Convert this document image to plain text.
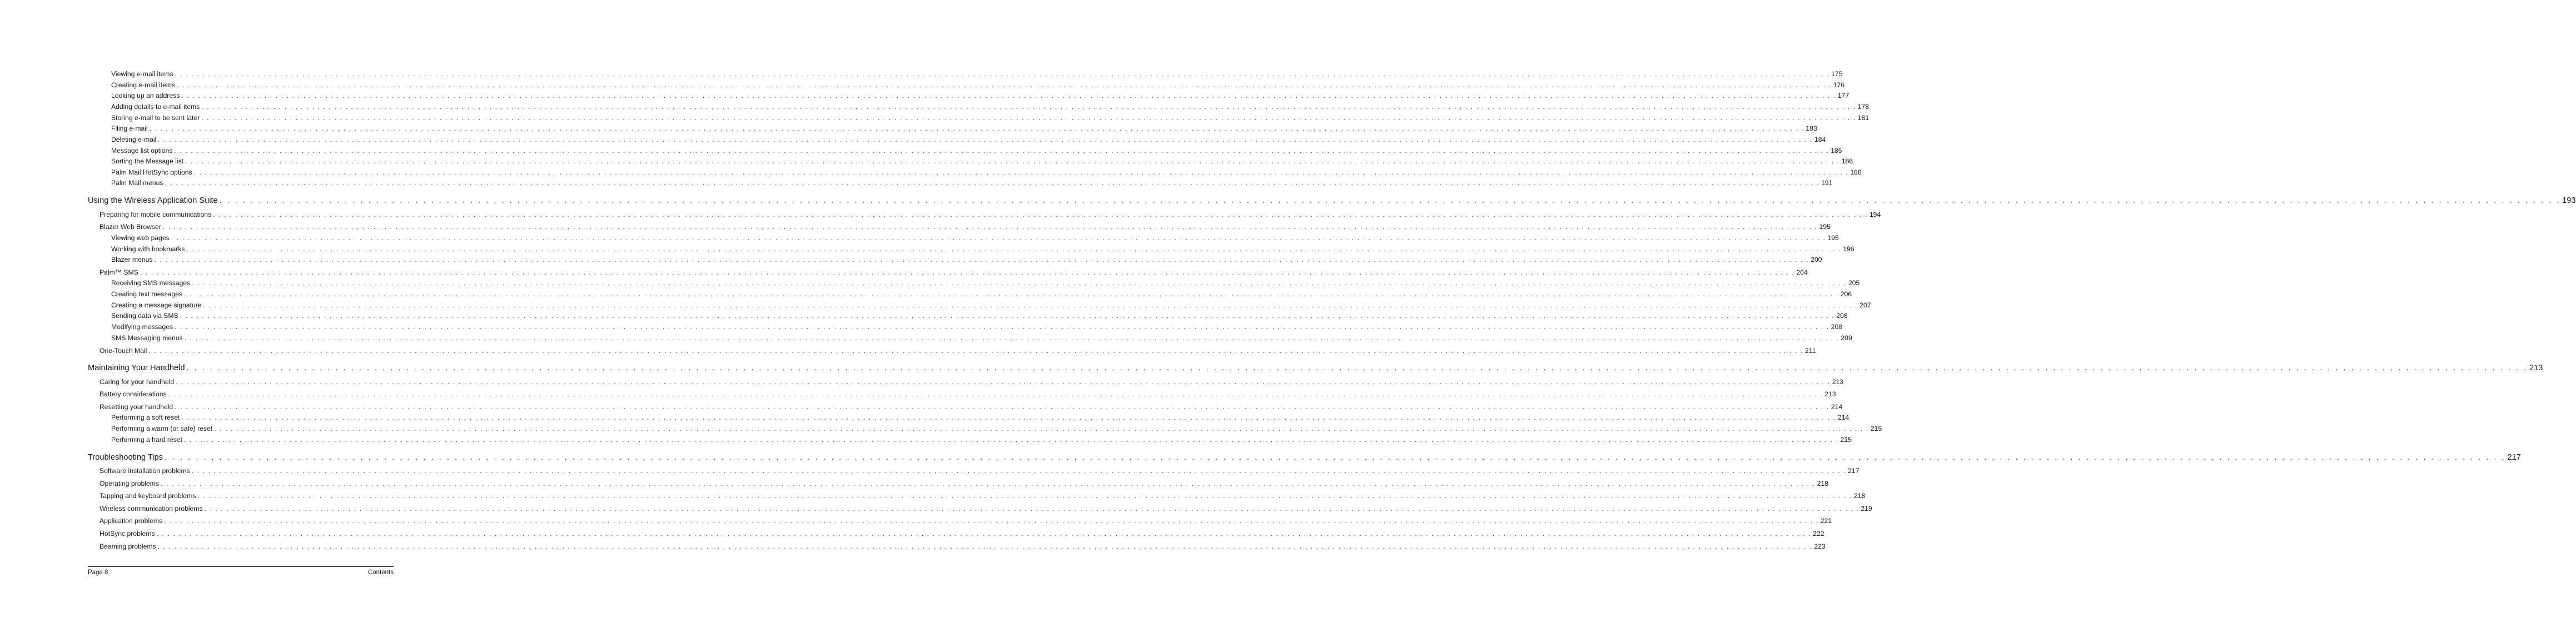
Viewing e-mail items . . . . . . . . . . . . . . . . . . . . . . . . . . . . . . . . . . . . . . . . . . . . . . . . . . . . . . . . . . . . . . . . . . . . . . . . . . . . . . . . . . . . . . . . . . . . . . . . . . . . . . . . . . . . . . . . . . . . . . . . . . . . . . . . . . . . . . . . . . . . . . . . . . . . . . . . . . . . . . . . . . . . . . . . . . . . . . . . . . . . . . . . . . . . . . . . . . . . . . . . . . . . . . . . . . . . . . . . . . . . . . . . . . . . . . . . . . . . . . . . . . . . . . . . . . . . . . . . . . . . . . . . . . . . . . . . . . . . . . . . . . . . . . . . . . . . . . . . . . . 175
Creating e-mail items . . . . . . . . . . . . . . . . . . . . . . . . . . . . . . . . . . . . . . . . . . . . . . . . . . . . . . . . . . . . . . . . . . . . . . . . . . . . . . . . . . . . . . . . . . . . . . . . . . . . . . . . . . . . . . . . . . . . . . . . . . . . . . . . . . . . . . . . . . . . . . . . . . . . . . . . . . . . . . . . . . . . . . . . . . . . . . . . . . . . . . . . . . . . . . . . . . . . . . . . . . . . . . . . . . . . . . . . . . . . . . . . . . . . . . . . . . . . . . . . . . . . . . . . . . . . . . . . . . . . . . . . . . . . . . . . . . . . . . . . . . . . . . . . . . . . . . . . . . . 176
Looking up an address . . . . . . . . . . . . . . . . . . . . . . . . . . . . . . . . . . . . . . . . . . . . . . . . . . . . . . . . . . . . . . . . . . . . . . . . . . . . . . . . . . . . . . . . . . . . . . . . . . . . . . . . . . . . . . . . . . . . . . . . . . . . . . . . . . . . . . . . . . . . . . . . . . . . . . . . . . . . . . . . . . . . . . . . . . . . . . . . . . . . . . . . . . . . . . . . . . . . . . . . . . . . . . . . . . . . . . . . . . . . . . . . . . . . . . . . . . . . . . . . . . . . . . . . . . . . . . . . . . . . . . . . . . . . . . . . . . . . . . . . . . . . . . . . . . . . . . . . . . . 177
Adding details to e-mail items . . . . . . . . . . . . . . . . . . . . . . . . . . . . . . . . . . . . . . . . . . . . . . . . . . . . . . . . . . . . . . . . . . . . . . . . . . . . . . . . . . . . . . . . . . . . . . . . . . . . . . . . . . . . . . . . . . . . . . . . . . . . . . . . . . . . . . . . . . . . . . . . . . . . . . . . . . . . . . . . . . . . . . . . . . . . . . . . . . . . . . . . . . . . . . . . . . . . . . . . . . . . . . . . . . . . . . . . . . . . . . . . . . . . . . . . . . . . . . . . . . . . . . . . . . . . . . . . . . . . . . . . . . . . . . . . . . . . . . . . . . . . . . . . . . . . . . . . . . . 178
Storing e-mail to be sent later . . . . . . . . . . . . . . . . . . . . . . . . . . . . . . . . . . . . . . . . . . . . . . . . . . . . . . . . . . . . . . . . . . . . . . . . . . . . . . . . . . . . . . . . . . . . . . . . . . . . . . . . . . . . . . . . . . . . . . . . . . . . . . . . . . . . . . . . . . . . . . . . . . . . . . . . . . . . . . . . . . . . . . . . . . . . . . . . . . . . . . . . . . . . . . . . . . . . . . . . . . . . . . . . . . . . . . . . . . . . . . . . . . . . . . . . . . . . . . . . . . . . . . . . . . . . . . . . . . . . . . . . . . . . . . . . . . . . . . . . . . . . . . . . . . . . . . . . . . . 181
Filing e-mail . . . . . . . . . . . . . . . . . . . . . . . . . . . . . . . . . . . . . . . . . . . . . . . . . . . . . . . . . . . . . . . . . . . . . . . . . . . . . . . . . . . . . . . . . . . . . . . . . . . . . . . . . . . . . . . . . . . . . . . . . . . . . . . . . . . . . . . . . . . . . . . . . . . . . . . . . . . . . . . . . . . . . . . . . . . . . . . . . . . . . . . . . . . . . . . . . . . . . . . . . . . . . . . . . . . . . . . . . . . . . . . . . . . . . . . . . . . . . . . . . . . . . . . . . . . . . . . . . . . . . . . . . . . . . . . . . . . . . . . . . . . . . . . . . . . . . . . . . . . 183
Deleting e-mail . . . . . . . . . . . . . . . . . . . . . . . . . . . . . . . . . . . . . . . . . . . . . . . . . . . . . . . . . . . . . . . . . . . . . . . . . . . . . . . . . . . . . . . . . . . . . . . . . . . . . . . . . . . . . . . . . . . . . . . . . . . . . . . . . . . . . . . . . . . . . . . . . . . . . . . . . . . . . . . . . . . . . . . . . . . . . . . . . . . . . . . . . . . . . . . . . . . . . . . . . . . . . . . . . . . . . . . . . . . . . . . . . . . . . . . . . . . . . . . . . . . . . . . . . . . . . . . . . . . . . . . . . . . . . . . . . . . . . . . . . . . . . . . . . . . . . . . . . . . 184
Message list options . . . . . . . . . . . . . . . . . . . . . . . . . . . . . . . . . . . . . . . . . . . . . . . . . . . . . . . . . . . . . . . . . . . . . . . . . . . . . . . . . . . . . . . . . . . . . . . . . . . . . . . . . . . . . . . . . . . . . . . . . . . . . . . . . . . . . . . . . . . . . . . . . . . . . . . . . . . . . . . . . . . . . . . . . . . . . . . . . . . . . . . . . . . . . . . . . . . . . . . . . . . . . . . . . . . . . . . . . . . . . . . . . . . . . . . . . . . . . . . . . . . . . . . . . . . . . . . . . . . . . . . . . . . . . . . . . . . . . . . . . . . . . . . . . . . . . . . . . . . 185
Sorting the Message list . . . . . . . . . . . . . . . . . . . . . . . . . . . . . . . . . . . . . . . . . . . . . . . . . . . . . . . . . . . . . . . . . . . . . . . . . . . . . . . . . . . . . . . . . . . . . . . . . . . . . . . . . . . . . . . . . . . . . . . . . . . . . . . . . . . . . . . . . . . . . . . . . . . . . . . . . . . . . . . . . . . . . . . . . . . . . . . . . . . . . . . . . . . . . . . . . . . . . . . . . . . . . . . . . . . . . . . . . . . . . . . . . . . . . . . . . . . . . . . . . . . . . . . . . . . . . . . . . . . . . . . . . . . . . . . . . . . . . . . . . . . . . . . . . . . . . . . . . . . 186
Palm Mail HotSync options . . . . . . . . . . . . . . . . . . . . . . . . . . . . . . . . . . . . . . . . . . . . . . . . . . . . . . . . . . . . . . . . . . . . . . . . . . . . . . . . . . . . . . . . . . . . . . . . . . . . . . . . . . . . . . . . . . . . . . . . . . . . . . . . . . . . . . . . . . . . . . . . . . . . . . . . . . . . . . . . . . . . . . . . . . . . . . . . . . . . . . . . . . . . . . . . . . . . . . . . . . . . . . . . . . . . . . . . . . . . . . . . . . . . . . . . . . . . . . . . . . . . . . . . . . . . . . . . . . . . . . . . . . . . . . . . . . . . . . . . . . . . . . . . . . . . . . . . . . . 186
Palm Mail menus . . . . . . . . . . . . . . . . . . . . . . . . . . . . . . . . . . . . . . . . . . . . . . . . . . . . . . . . . . . . . . . . . . . . . . . . . . . . . . . . . . . . . . . . . . . . . . . . . . . . . . . . . . . . . . . . . . . . . . . . . . . . . . . . . . . . . . . . . . . . . . . . . . . . . . . . . . . . . . . . . . . . . . . . . . . . . . . . . . . . . . . . . . . . . . . . . . . . . . . . . . . . . . . . . . . . . . . . . . . . . . . . . . . . . . . . . . . . . . . . . . . . . . . . . . . . . . . . . . . . . . . . . . . . . . . . . . . . . . . . . . . . . . . . . . . . . . . . . . . 191
Using the Wireless Application Suite . . . . . . . . . . . . . . . . . . . . . . . . . . . . . . . . . . . . . . . . . . . . . . . . . . . . . . . . . . . . . . . . . . . . . . . . . . . . . . . . . . . . . . . . . . . . . . . . . . . . . . . . . . . . . . . . . . . . . . . . . . . . . . . . . . . . . . . . . . . . . . . . . . . . . . . . . . . . . . . . . . . . . . . . . . . . . . . . . . . . . . . . . . . . . . . . . . . . . . . . . . . . . . . . . . . . . . . . . . . . . . . . . . . . . . . . . . . . . . . . . . . . . . . . . . . . . . . . . . . . . . . . . . . . . . . . . . . . . . . . . . . . . . . . . . . . . . . . . . . 193
Preparing for mobile communications . . . . . . . . . . . . . . . . . . . . . . . . . . . . . . . . . . . . . . . . . . . . . . . . . . . . . . . . . . . . . . . . . . . . . . . . . . . . . . . . . . . . . . . . . . . . . . . . . . . . . . . . . . . . . . . . . . . . . . . . . . . . . . . . . . . . . . . . . . . . . . . . . . . . . . . . . . . . . . . . . . . . . . . . . . . . . . . . . . . . . . . . . . . . . . . . . . . . . . . . . . . . . . . . . . . . . . . . . . . . . . . . . . . . . . . . . . . . . . . . . . . . . . . . . . . . . . . . . . . . . . . . . . . . . . . . . . . . . . . . . . . . . . . . . . . . . . . . . . . 194
Blazer Web Browser . . . . . . . . . . . . . . . . . . . . . . . . . . . . . . . . . . . . . . . . . . . . . . . . . . . . . . . . . . . . . . . . . . . . . . . . . . . . . . . . . . . . . . . . . . . . . . . . . . . . . . . . . . . . . . . . . . . . . . . . . . . . . . . . . . . . . . . . . . . . . . . . . . . . . . . . . . . . . . . . . . . . . . . . . . . . . . . . . . . . . . . . . . . . . . . . . . . . . . . . . . . . . . . . . . . . . . . . . . . . . . . . . . . . . . . . . . . . . . . . . . . . . . . . . . . . . . . . . . . . . . . . . . . . . . . . . . . . . . . . . . . . . . . . . . . . . . . . . . . 195
Viewing web pages . . . . . . . . . . . . . . . . . . . . . . . . . . . . . . . . . . . . . . . . . . . . . . . . . . . . . . . . . . . . . . . . . . . . . . . . . . . . . . . . . . . . . . . . . . . . . . . . . . . . . . . . . . . . . . . . . . . . . . . . . . . . . . . . . . . . . . . . . . . . . . . . . . . . . . . . . . . . . . . . . . . . . . . . . . . . . . . . . . . . . . . . . . . . . . . . . . . . . . . . . . . . . . . . . . . . . . . . . . . . . . . . . . . . . . . . . . . . . . . . . . . . . . . . . . . . . . . . . . . . . . . . . . . . . . . . . . . . . . . . . . . . . . . . . . . . . . . . . . . 195
Working with bookmarks . . . . . . . . . . . . . . . . . . . . . . . . . . . . . . . . . . . . . . . . . . . . . . . . . . . . . . . . . . . . . . . . . . . . . . . . . . . . . . . . . . . . . . . . . . . . . . . . . . . . . . . . . . . . . . . . . . . . . . . . . . . . . . . . . . . . . . . . . . . . . . . . . . . . . . . . . . . . . . . . . . . . . . . . . . . . . . . . . . . . . . . . . . . . . . . . . . . . . . . . . . . . . . . . . . . . . . . . . . . . . . . . . . . . . . . . . . . . . . . . . . . . . . . . . . . . . . . . . . . . . . . . . . . . . . . . . . . . . . . . . . . . . . . . . . . . . . . . . . . 196
Blazer menus . . . . . . . . . . . . . . . . . . . . . . . . . . . . . . . . . . . . . . . . . . . . . . . . . . . . . . . . . . . . . . . . . . . . . . . . . . . . . . . . . . . . . . . . . . . . . . . . . . . . . . . . . . . . . . . . . . . . . . . . . . . . . . . . . . . . . . . . . . . . . . . . . . . . . . . . . . . . . . . . . . . . . . . . . . . . . . . . . . . . . . . . . . . . . . . . . . . . . . . . . . . . . . . . . . . . . . . . . . . . . . . . . . . . . . . . . . . . . . . . . . . . . . . . . . . . . . . . . . . . . . . . . . . . . . . . . . . . . . . . . . . . . . . . . . . . . . . . . . . 200
Palm™ SMS . . . . . . . . . . . . . . . . . . . . . . . . . . . . . . . . . . . . . . . . . . . . . . . . . . . . . . . . . . . . . . . . . . . . . . . . . . . . . . . . . . . . . . . . . . . . . . . . . . . . . . . . . . . . . . . . . . . . . . . . . . . . . . . . . . . . . . . . . . . . . . . . . . . . . . . . . . . . . . . . . . . . . . . . . . . . . . . . . . . . . . . . . . . . . . . . . . . . . . . . . . . . . . . . . . . . . . . . . . . . . . . . . . . . . . . . . . . . . . . . . . . . . . . . . . . . . . . . . . . . . . . . . . . . . . . . . . . . . . . . . . . . . . . . . . . . . . . . . . . 204
Receiving SMS messages . . . . . . . . . . . . . . . . . . . . . . . . . . . . . . . . . . . . . . . . . . . . . . . . . . . . . . . . . . . . . . . . . . . . . . . . . . . . . . . . . . . . . . . . . . . . . . . . . . . . . . . . . . . . . . . . . . . . . . . . . . . . . . . . . . . . . . . . . . . . . . . . . . . . . . . . . . . . . . . . . . . . . . . . . . . . . . . . . . . . . . . . . . . . . . . . . . . . . . . . . . . . . . . . . . . . . . . . . . . . . . . . . . . . . . . . . . . . . . . . . . . . . . . . . . . . . . . . . . . . . . . . . . . . . . . . . . . . . . . . . . . . . . . . . . . . . . . . . . . 205
Creating text messages . . . . . . . . . . . . . . . . . . . . . . . . . . . . . . . . . . . . . . . . . . . . . . . . . . . . . . . . . . . . . . . . . . . . . . . . . . . . . . . . . . . . . . . . . . . . . . . . . . . . . . . . . . . . . . . . . . . . . . . . . . . . . . . . . . . . . . . . . . . . . . . . . . . . . . . . . . . . . . . . . . . . . . . . . . . . . . . . . . . . . . . . . . . . . . . . . . . . . . . . . . . . . . . . . . . . . . . . . . . . . . . . . . . . . . . . . . . . . . . . . . . . . . . . . . . . . . . . . . . . . . . . . . . . . . . . . . . . . . . . . . . . . . . . . . . . . . . . . . . 206
Creating a message signature . . . . . . . . . . . . . . . . . . . . . . . . . . . . . . . . . . . . . . . . . . . . . . . . . . . . . . . . . . . . . . . . . . . . . . . . . . . . . . . . . . . . . . . . . . . . . . . . . . . . . . . . . . . . . . . . . . . . . . . . . . . . . . . . . . . . . . . . . . . . . . . . . . . . . . . . . . . . . . . . . . . . . . . . . . . . . . . . . . . . . . . . . . . . . . . . . . . . . . . . . . . . . . . . . . . . . . . . . . . . . . . . . . . . . . . . . . . . . . . . . . . . . . . . . . . . . . . . . . . . . . . . . . . . . . . . . . . . . . . . . . . . . . . . . . . . . . . . . . . 207
Sending data via SMS . . . . . . . . . . . . . . . . . . . . . . . . . . . . . . . . . . . . . . . . . . . . . . . . . . . . . . . . . . . . . . . . . . . . . . . . . . . . . . . . . . . . . . . . . . . . . . . . . . . . . . . . . . . . . . . . . . . . . . . . . . . . . . . . . . . . . . . . . . . . . . . . . . . . . . . . . . . . . . . . . . . . . . . . . . . . . . . . . . . . . . . . . . . . . . . . . . . . . . . . . . . . . . . . . . . . . . . . . . . . . . . . . . . . . . . . . . . . . . . . . . . . . . . . . . . . . . . . . . . . . . . . . . . . . . . . . . . . . . . . . . . . . . . . . . . . . . . . . . . 208
Modifying messages . . . . . . . . . . . . . . . . . . . . . . . . . . . . . . . . . . . . . . . . . . . . . . . . . . . . . . . . . . . . . . . . . . . . . . . . . . . . . . . . . . . . . . . . . . . . . . . . . . . . . . . . . . . . . . . . . . . . . . . . . . . . . . . . . . . . . . . . . . . . . . . . . . . . . . . . . . . . . . . . . . . . . . . . . . . . . . . . . . . . . . . . . . . . . . . . . . . . . . . . . . . . . . . . . . . . . . . . . . . . . . . . . . . . . . . . . . . . . . . . . . . . . . . . . . . . . . . . . . . . . . . . . . . . . . . . . . . . . . . . . . . . . . . . . . . . . . . . . . . 208
SMS Messaging menus . . . . . . . . . . . . . . . . . . . . . . . . . . . . . . . . . . . . . . . . . . . . . . . . . . . . . . . . . . . . . . . . . . . . . . . . . . . . . . . . . . . . . . . . . . . . . . . . . . . . . . . . . . . . . . . . . . . . . . . . . . . . . . . . . . . . . . . . . . . . . . . . . . . . . . . . . . . . . . . . . . . . . . . . . . . . . . . . . . . . . . . . . . . . . . . . . . . . . . . . . . . . . . . . . . . . . . . . . . . . . . . . . . . . . . . . . . . . . . . . . . . . . . . . . . . . . . . . . . . . . . . . . . . . . . . . . . . . . . . . . . . . . . . . . . . . . . . . . . . 209
One-Touch Mail . . . . . . . . . . . . . . . . . . . . . . . . . . . . . . . . . . . . . . . . . . . . . . . . . . . . . . . . . . . . . . . . . . . . . . . . . . . . . . . . . . . . . . . . . . . . . . . . . . . . . . . . . . . . . . . . . . . . . . . . . . . . . . . . . . . . . . . . . . . . . . . . . . . . . . . . . . . . . . . . . . . . . . . . . . . . . . . . . . . . . . . . . . . . . . . . . . . . . . . . . . . . . . . . . . . . . . . . . . . . . . . . . . . . . . . . . . . . . . . . . . . . . . . . . . . . . . . . . . . . . . . . . . . . . . . . . . . . . . . . . . . . . . . . . . . . . . . . . . . 211
Maintaining Your Handheld . . . . . . . . . . . . . . . . . . . . . . . . . . . . . . . . . . . . . . . . . . . . . . . . . . . . . . . . . . . . . . . . . . . . . . . . . . . . . . . . . . . . . . . . . . . . . . . . . . . . . . . . . . . . . . . . . . . . . . . . . . . . . . . . . . . . . . . . . . . . . . . . . . . . . . . . . . . . . . . . . . . . . . . . . . . . . . . . . . . . . . . . . . . . . . . . . . . . . . . . . . . . . . . . . . . . . . . . . . . . . . . . . . . . . . . . . . . . . . . . . . . . . . . . . . . . . . . . . . . . . . . . . . . . . . . . . . . . . . . . . . . . . . . . . . . . . . . . . . . 213
Caring for your handheld . . . . . . . . . . . . . . . . . . . . . . . . . . . . . . . . . . . . . . . . . . . . . . . . . . . . . . . . . . . . . . . . . . . . . . . . . . . . . . . . . . . . . . . . . . . . . . . . . . . . . . . . . . . . . . . . . . . . . . . . . . . . . . . . . . . . . . . . . . . . . . . . . . . . . . . . . . . . . . . . . . . . . . . . . . . . . . . . . . . . . . . . . . . . . . . . . . . . . . . . . . . . . . . . . . . . . . . . . . . . . . . . . . . . . . . . . . . . . . . . . . . . . . . . . . . . . . . . . . . . . . . . . . . . . . . . . . . . . . . . . . . . . . . . . . . . . . . . . . . 213
Battery considerations . . . . . . . . . . . . . . . . . . . . . . . . . . . . . . . . . . . . . . . . . . . . . . . . . . . . . . . . . . . . . . . . . . . . . . . . . . . . . . . . . . . . . . . . . . . . . . . . . . . . . . . . . . . . . . . . . . . . . . . . . . . . . . . . . . . . . . . . . . . . . . . . . . . . . . . . . . . . . . . . . . . . . . . . . . . . . . . . . . . . . . . . . . . . . . . . . . . . . . . . . . . . . . . . . . . . . . . . . . . . . . . . . . . . . . . . . . . . . . . . . . . . . . . . . . . . . . . . . . . . . . . . . . . . . . . . . . . . . . . . . . . . . . . . . . . . . . . . . . . 213
Resetting your handheld . . . . . . . . . . . . . . . . . . . . . . . . . . . . . . . . . . . . . . . . . . . . . . . . . . . . . . . . . . . . . . . . . . . . . . . . . . . . . . . . . . . . . . . . . . . . . . . . . . . . . . . . . . . . . . . . . . . . . . . . . . . . . . . . . . . . . . . . . . . . . . . . . . . . . . . . . . . . . . . . . . . . . . . . . . . . . . . . . . . . . . . . . . . . . . . . . . . . . . . . . . . . . . . . . . . . . . . . . . . . . . . . . . . . . . . . . . . . . . . . . . . . . . . . . . . . . . . . . . . . . . . . . . . . . . . . . . . . . . . . . . . . . . . . . . . . . . . . . . . 214
Performing a soft reset . . . . . . . . . . . . . . . . . . . . . . . . . . . . . . . . . . . . . . . . . . . . . . . . . . . . . . . . . . . . . . . . . . . . . . . . . . . . . . . . . . . . . . . . . . . . . . . . . . . . . . . . . . . . . . . . . . . . . . . . . . . . . . . . . . . . . . . . . . . . . . . . . . . . . . . . . . . . . . . . . . . . . . . . . . . . . . . . . . . . . . . . . . . . . . . . . . . . . . . . . . . . . . . . . . . . . . . . . . . . . . . . . . . . . . . . . . . . . . . . . . . . . . . . . . . . . . . . . . . . . . . . . . . . . . . . . . . . . . . . . . . . . . . . . . . . . . . . . . . 214
Performing a warm (or safe) reset . . . . . . . . . . . . . . . . . . . . . . . . . . . . . . . . . . . . . . . . . . . . . . . . . . . . . . . . . . . . . . . . . . . . . . . . . . . . . . . . . . . . . . . . . . . . . . . . . . . . . . . . . . . . . . . . . . . . . . . . . . . . . . . . . . . . . . . . . . . . . . . . . . . . . . . . . . . . . . . . . . . . . . . . . . . . . . . . . . . . . . . . . . . . . . . . . . . . . . . . . . . . . . . . . . . . . . . . . . . . . . . . . . . . . . . . . . . . . . . . . . . . . . . . . . . . . . . . . . . . . . . . . . . . . . . . . . . . . . . . . . . . . . . . . . . . . . . . . . . 215
Performing a hard reset . . . . . . . . . . . . . . . . . . . . . . . . . . . . . . . . . . . . . . . . . . . . . . . . . . . . . . . . . . . . . . . . . . . . . . . . . . . . . . . . . . . . . . . . . . . . . . . . . . . . . . . . . . . . . . . . . . . . . . . . . . . . . . . . . . . . . . . . . . . . . . . . . . . . . . . . . . . . . . . . . . . . . . . . . . . . . . . . . . . . . . . . . . . . . . . . . . . . . . . . . . . . . . . . . . . . . . . . . . . . . . . . . . . . . . . . . . . . . . . . . . . . . . . . . . . . . . . . . . . . . . . . . . . . . . . . . . . . . . . . . . . . . . . . . . . . . . . . . . . 215
Troubleshooting Tips . . . . . . . . . . . . . . . . . . . . . . . . . . . . . . . . . . . . . . . . . . . . . . . . . . . . . . . . . . . . . . . . . . . . . . . . . . . . . . . . . . . . . . . . . . . . . . . . . . . . . . . . . . . . . . . . . . . . . . . . . . . . . . . . . . . . . . . . . . . . . . . . . . . . . . . . . . . . . . . . . . . . . . . . . . . . . . . . . . . . . . . . . . . . . . . . . . . . . . . . . . . . . . . . . . . . . . . . . . . . . . . . . . . . . . . . . . . . . . . . . . . . . . . . . . . . . . . . . . . . . . . . . . . . . . . . . . . . . . . . . . . . . . . . . . . . . . . . . . . 217
Software installation problems . . . . . . . . . . . . . . . . . . . . . . . . . . . . . . . . . . . . . . . . . . . . . . . . . . . . . . . . . . . . . . . . . . . . . . . . . . . . . . . . . . . . . . . . . . . . . . . . . . . . . . . . . . . . . . . . . . . . . . . . . . . . . . . . . . . . . . . . . . . . . . . . . . . . . . . . . . . . . . . . . . . . . . . . . . . . . . . . . . . . . . . . . . . . . . . . . . . . . . . . . . . . . . . . . . . . . . . . . . . . . . . . . . . . . . . . . . . . . . . . . . . . . . . . . . . . . . . . . . . . . . . . . . . . . . . . . . . . . . . . . . . . . . . . . . . . . . . . . . . 217
Operating problems . . . . . . . . . . . . . . . . . . . . . . . . . . . . . . . . . . . . . . . . . . . . . . . . . . . . . . . . . . . . . . . . . . . . . . . . . . . . . . . . . . . . . . . . . . . . . . . . . . . . . . . . . . . . . . . . . . . . . . . . . . . . . . . . . . . . . . . . . . . . . . . . . . . . . . . . . . . . . . . . . . . . . . . . . . . . . . . . . . . . . . . . . . . . . . . . . . . . . . . . . . . . . . . . . . . . . . . . . . . . . . . . . . . . . . . . . . . . . . . . . . . . . . . . . . . . . . . . . . . . . . . . . . . . . . . . . . . . . . . . . . . . . . . . . . . . . . . . . . . 218
Tapping and keyboard problems . . . . . . . . . . . . . . . . . . . . . . . . . . . . . . . . . . . . . . . . . . . . . . . . . . . . . . . . . . . . . . . . . . . . . . . . . . . . . . . . . . . . . . . . . . . . . . . . . . . . . . . . . . . . . . . . . . . . . . . . . . . . . . . . . . . . . . . . . . . . . . . . . . . . . . . . . . . . . . . . . . . . . . . . . . . . . . . . . . . . . . . . . . . . . . . . . . . . . . . . . . . . . . . . . . . . . . . . . . . . . . . . . . . . . . . . . . . . . . . . . . . . . . . . . . . . . . . . . . . . . . . . . . . . . . . . . . . . . . . . . . . . . . . . . . . . . . . . . . . 218
Wireless communication problems . . . . . . . . . . . . . . . . . . . . . . . . . . . . . . . . . . . . . . . . . . . . . . . . . . . . . . . . . . . . . . . . . . . . . . . . . . . . . . . . . . . . . . . . . . . . . . . . . . . . . . . . . . . . . . . . . . . . . . . . . . . . . . . . . . . . . . . . . . . . . . . . . . . . . . . . . . . . . . . . . . . . . . . . . . . . . . . . . . . . . . . . . . . . . . . . . . . . . . . . . . . . . . . . . . . . . . . . . . . . . . . . . . . . . . . . . . . . . . . . . . . . . . . . . . . . . . . . . . . . . . . . . . . . . . . . . . . . . . . . . . . . . . . . . . . . . . . . . . . 219
Application problems . . . . . . . . . . . . . . . . . . . . . . . . . . . . . . . . . . . . . . . . . . . . . . . . . . . . . . . . . . . . . . . . . . . . . . . . . . . . . . . . . . . . . . . . . . . . . . . . . . . . . . . . . . . . . . . . . . . . . . . . . . . . . . . . . . . . . . . . . . . . . . . . . . . . . . . . . . . . . . . . . . . . . . . . . . . . . . . . . . . . . . . . . . . . . . . . . . . . . . . . . . . . . . . . . . . . . . . . . . . . . . . . . . . . . . . . . . . . . . . . . . . . . . . . . . . . . . . . . . . . . . . . . . . . . . . . . . . . . . . . . . . . . . . . . . . . . . . . . . . 221
HotSync problems . . . . . . . . . . . . . . . . . . . . . . . . . . . . . . . . . . . . . . . . . . . . . . . . . . . . . . . . . . . . . . . . . . . . . . . . . . . . . . . . . . . . . . . . . . . . . . . . . . . . . . . . . . . . . . . . . . . . . . . . . . . . . . . . . . . . . . . . . . . . . . . . . . . . . . . . . . . . . . . . . . . . . . . . . . . . . . . . . . . . . . . . . . . . . . . . . . . . . . . . . . . . . . . . . . . . . . . . . . . . . . . . . . . . . . . . . . . . . . . . . . . . . . . . . . . . . . . . . . . . . . . . . . . . . . . . . . . . . . . . . . . . . . . . . . . . . . . . . . . 222
Beaming problems . . . . . . . . . . . . . . . . . . . . . . . . . . . . . . . . . . . . . . . . . . . . . . . . . . . . . . . . . . . . . . . . . . . . . . . . . . . . . . . . . . . . . . . . . . . . . . . . . . . . . . . . . . . . . . . . . . . . . . . . . . . . . . . . . . . . . . . . . . . . . . . . . . . . . . . . . . . . . . . . . . . . . . . . . . . . . . . . . . . . . . . . . . . . . . . . . . . . . . . . . . . . . . . . . . . . . . . . . . . . . . . . . . . . . . . . . . . . . . . . . . . . . . . . . . . . . . . . . . . . . . . . . . . . . . . . . . . . . . . . . . . . . . . . . . . . . . . . . . . 223
Page 8	Contents
